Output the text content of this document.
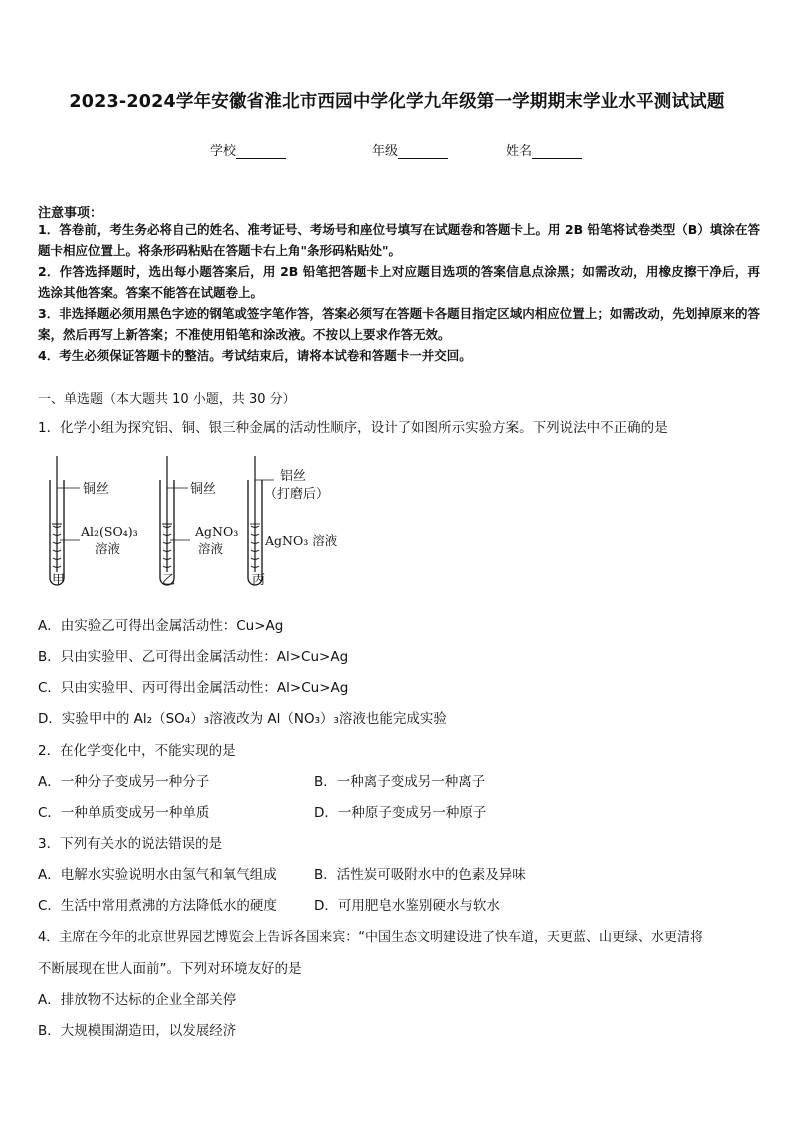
2023-2024学年安徽省淮北市西园中学化学九年级第一学期期末学业水平测试试题
学校	年级	姓名
注意事项：
1．答卷前，考生务必将自己的姓名、准考证号、考场号和座位号填写在试题卷和答题卡上。用 2B 铅笔将试卷类型（B）填涂在答题卡相应位置上。将条形码粘贴在答题卡右上角"条形码粘贴处"。
2．作答选择题时，选出每小题答案后，用 2B 铅笔把答题卡上对应题目选项的答案信息点涂黑；如需改动，用橡皮擦干净后，再选涂其他答案。答案不能答在试题卷上。
3．非选择题必须用黑色字迹的钢笔或签字笔作答，答案必须写在答题卡各题目指定区域内相应位置上；如需改动，先划掉原来的答案，然后再写上新答案；不准使用铅笔和涂改液。不按以上要求作答无效。
4．考生必须保证答题卡的整洁。考试结束后，请将本试卷和答题卡一并交回。
一、单选题（本大题共 10 小题，共 30 分）
1．化学小组为探究铝、铜、银三种金属的活动性顺序，设计了如图所示实验方案。下列说法中不正确的是
铜丝
Al₂(SO₄)₃
溶液
甲
铜丝
AgNO₃
溶液
乙
铝丝
（打磨后）
AgNO₃ 溶液
丙
A．由实验乙可得出金属活动性：Cu>Ag
B．只由实验甲、乙可得出金属活动性：Al>Cu>Ag
C．只由实验甲、丙可得出金属活动性：Al>Cu>Ag
D．实验甲中的 Al₂（SO₄）₃溶液改为 Al（NO₃）₃溶液也能完成实验
2．在化学变化中，不能实现的是
A．一种分子变成另一种分子	B．一种离子变成另一种离子
C．一种单质变成另一种单质	D．一种原子变成另一种原子
3．下列有关水的说法错误的是
A．电解水实验说明水由氢气和氧气组成	B．活性炭可吸附水中的色素及异味
C．生活中常用煮沸的方法降低水的硬度	D．可用肥皂水鉴别硬水与软水
4．主席在今年的北京世界园艺博览会上告诉各国来宾：“中国生态文明建设进了快车道，天更蓝、山更绿、水更清将
不断展现在世人面前”。下列对环境友好的是
A．排放物不达标的企业全部关停
B．大规模围湖造田，以发展经济
